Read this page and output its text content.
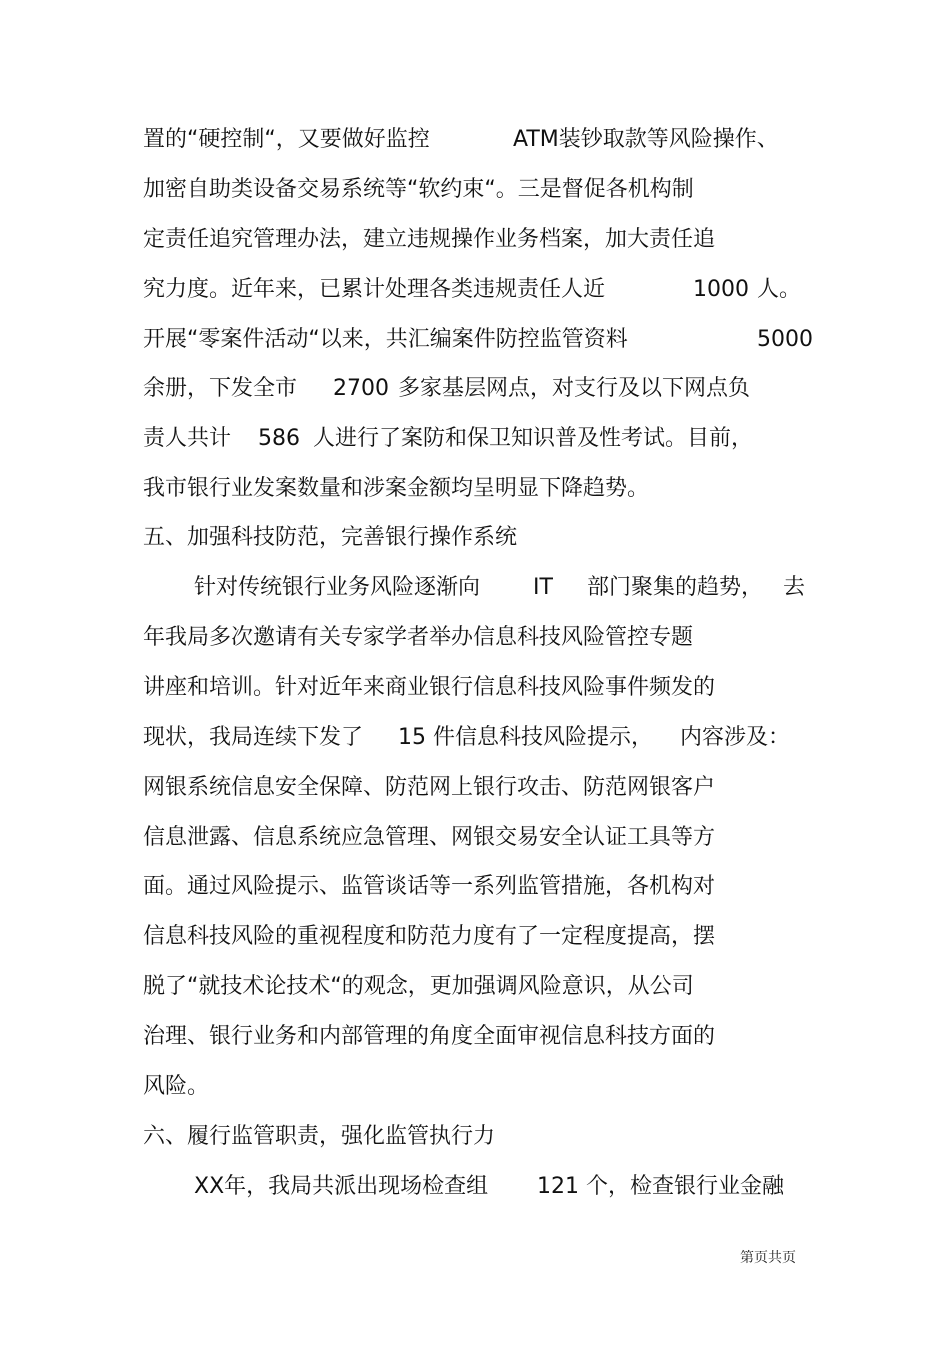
置的“硬控制“，又要做好监控	ATM装钞取款等风险操作、
加密自助类设备交易系统等“软约束“。三是督促各机构制
定责任追究管理办法，建立违规操作业务档案，加大责任追
究力度。近年来，已累计处理各类违规责任人近	1000 人。
开展“零案件活动“以来，共汇编案件防控监管资料	5000
余册，下发全市 2700 多家基层网点，对支行及以下网点负
责人共计 586 人进行了案防和保卫知识普及性考试。目前，
我市银行业发案数量和涉案金额均呈明显下降趋势。
五、加强科技防范，完善银行操作系统
针对传统银行业务风险逐渐向 IT 部门聚集的趋势， 去
年我局多次邀请有关专家学者举办信息科技风险管控专题
讲座和培训。针对近年来商业银行信息科技风险事件频发的
现状，我局连续下发了 15 件信息科技风险提示， 内容涉及：
网银系统信息安全保障、防范网上银行攻击、防范网银客户
信息泄露、信息系统应急管理、网银交易安全认证工具等方
面。通过风险提示、监管谈话等一系列监管措施，各机构对
信息科技风险的重视程度和防范力度有了一定程度提高，摆
脱了“就技术论技术“的观念，更加强调风险意识，从公司
治理、银行业务和内部管理的角度全面审视信息科技方面的
风险。
六、履行监管职责，强化监管执行力
XX年，我局共派出现场检查组 121 个，检查银行业金融
第页共页
